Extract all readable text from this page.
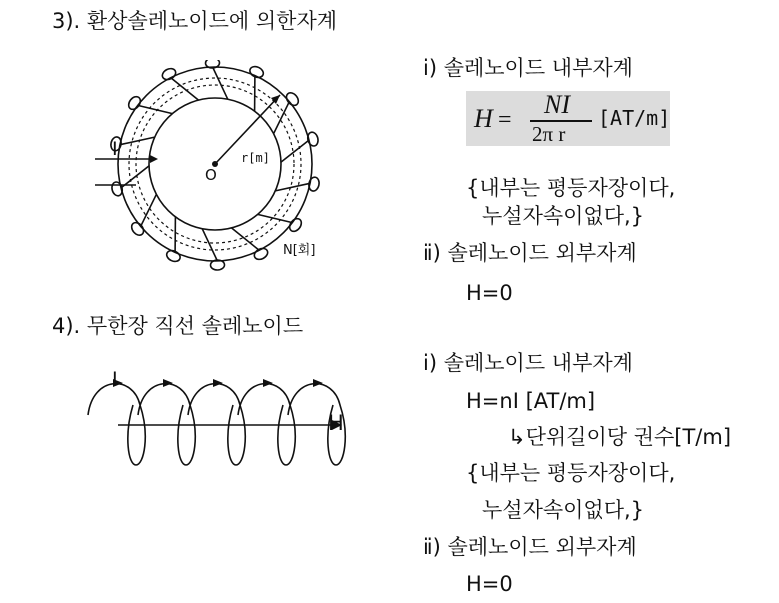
3). 환상솔레노이드에 의한자계
I
O
r[m]
N[회]
ⅰ) 솔레노이드 내부자계
H =
NI
2π r
[AT/m]
{내부는 평등자장이다,
누설자속이없다,}
ⅱ) 솔레노이드 외부자계
H=0
4). 무한장 직선 솔레노이드
I
H
ⅰ) 솔레노이드 내부자계
H=nI [AT/m]
↳단위길이당 권수[T/m]
{내부는 평등자장이다,
누설자속이없다,}
ⅱ) 솔레노이드 외부자계
H=0
